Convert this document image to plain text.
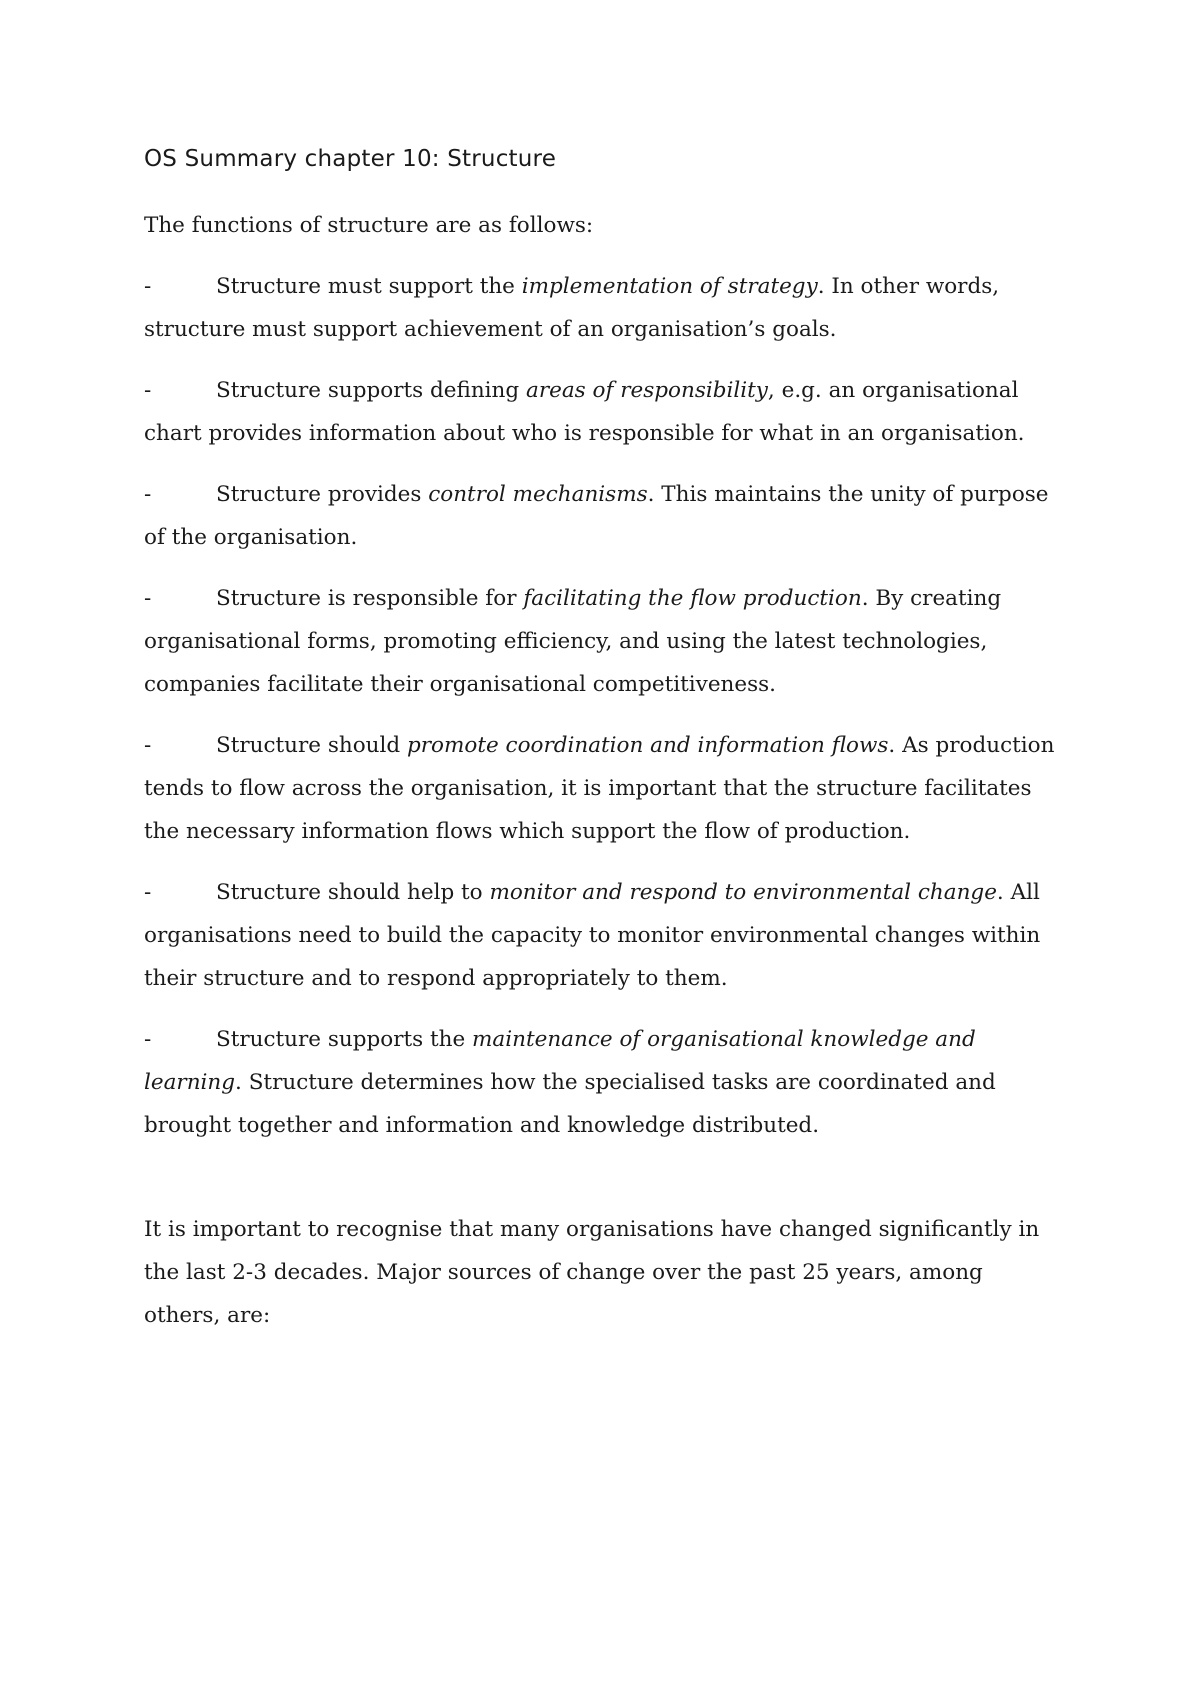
OS Summary chapter 10: Structure

The functions of structure are as follows:

-	Structure must support the implementation of strategy. In other words, structure must support achievement of an organisation’s goals.
-	Structure supports defining areas of responsibility, e.g. an organisational chart provides information about who is responsible for what in an organisation.
-	Structure provides control mechanisms. This maintains the unity of purpose of the organisation.
-	Structure is responsible for facilitating the flow production. By creating organisational forms, promoting efficiency, and using the latest technologies, companies facilitate their organisational competitiveness.
-	Structure should promote coordination and information flows. As production tends to flow across the organisation, it is important that the structure facilitates the necessary information flows which support the flow of production.
-	Structure should help to monitor and respond to environmental change. All organisations need to build the capacity to monitor environmental changes within their structure and to respond appropriately to them.
-	Structure supports the maintenance of organisational knowledge and learning. Structure determines how the specialised tasks are coordinated and brought together and information and knowledge distributed.

It is important to recognise that many organisations have changed significantly in the last 2-3 decades. Major sources of change over the past 25 years, among others, are:
